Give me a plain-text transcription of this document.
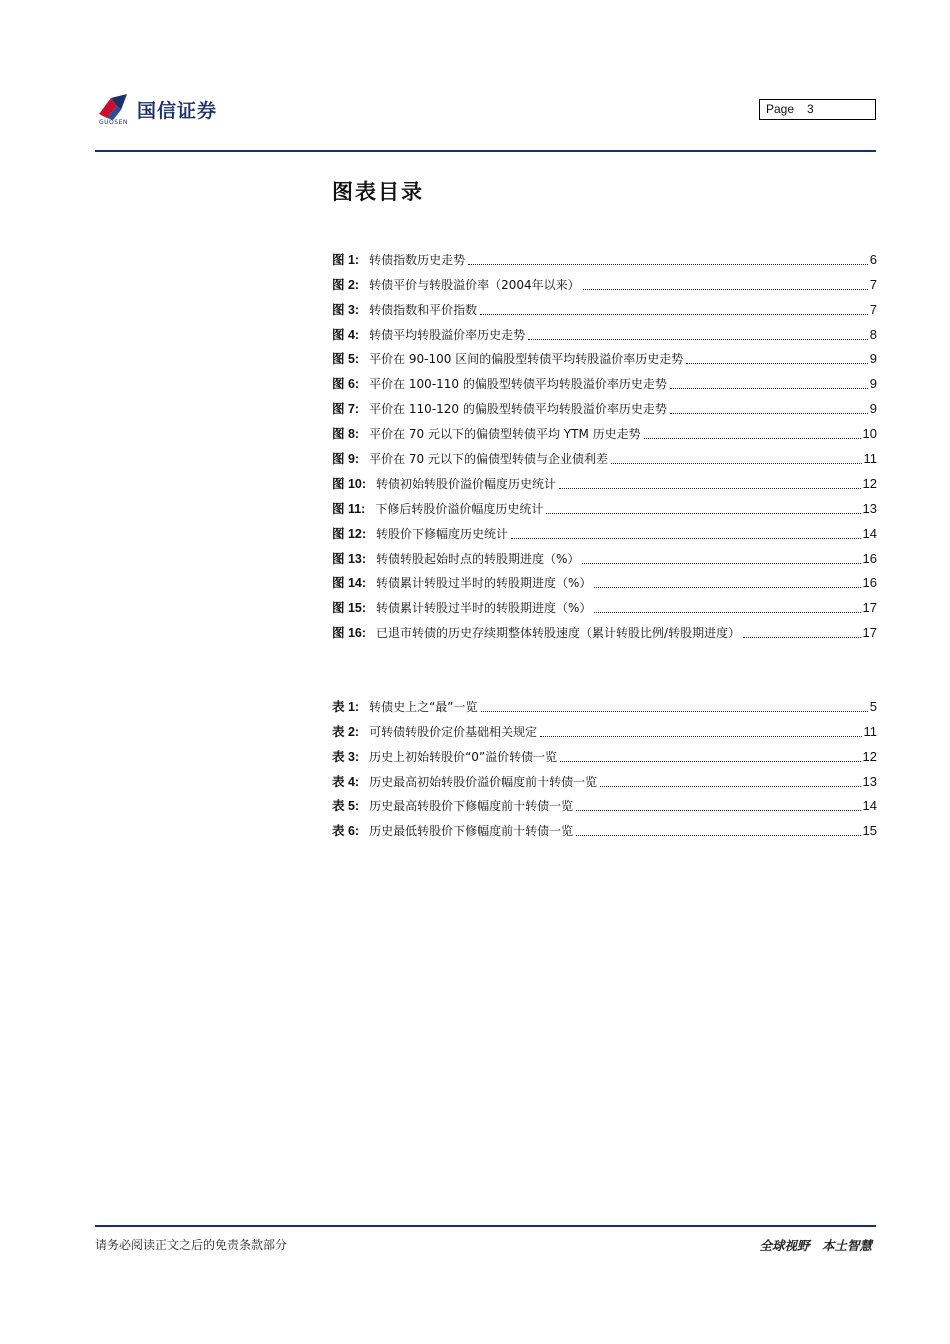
国信证券
GUOSEN
Page 3
图表目录
图 1: 转债指数历史走势	6
图 2: 转债平价与转股溢价率（2004年以来）	7
图 3: 转债指数和平价指数	7
图 4: 转债平均转股溢价率历史走势	8
图 5: 平价在 90-100 区间的偏股型转债平均转股溢价率历史走势	9
图 6: 平价在 100-110 的偏股型转债平均转股溢价率历史走势	9
图 7: 平价在 110-120 的偏股型转债平均转股溢价率历史走势	9
图 8: 平价在 70 元以下的偏债型转债平均 YTM 历史走势	10
图 9: 平价在 70 元以下的偏债型转债与企业债利差	11
图 10: 转债初始转股价溢价幅度历史统计	12
图 11: 下修后转股价溢价幅度历史统计	13
图 12: 转股价下修幅度历史统计	14
图 13: 转债转股起始时点的转股期进度（%）	16
图 14: 转债累计转股过半时的转股期进度（%）	16
图 15: 转债累计转股过半时的转股期进度（%）	17
图 16: 已退市转债的历史存续期整体转股速度（累计转股比例/转股期进度）	17
表 1: 转债史上之“最”一览	5
表 2: 可转债转股价定价基础相关规定	11
表 3: 历史上初始转股价“0”溢价转债一览	12
表 4: 历史最高初始转股价溢价幅度前十转债一览	13
表 5: 历史最高转股价下修幅度前十转债一览	14
表 6: 历史最低转股价下修幅度前十转债一览	15
请务必阅读正文之后的免责条款部分	全球视野　本土智慧
